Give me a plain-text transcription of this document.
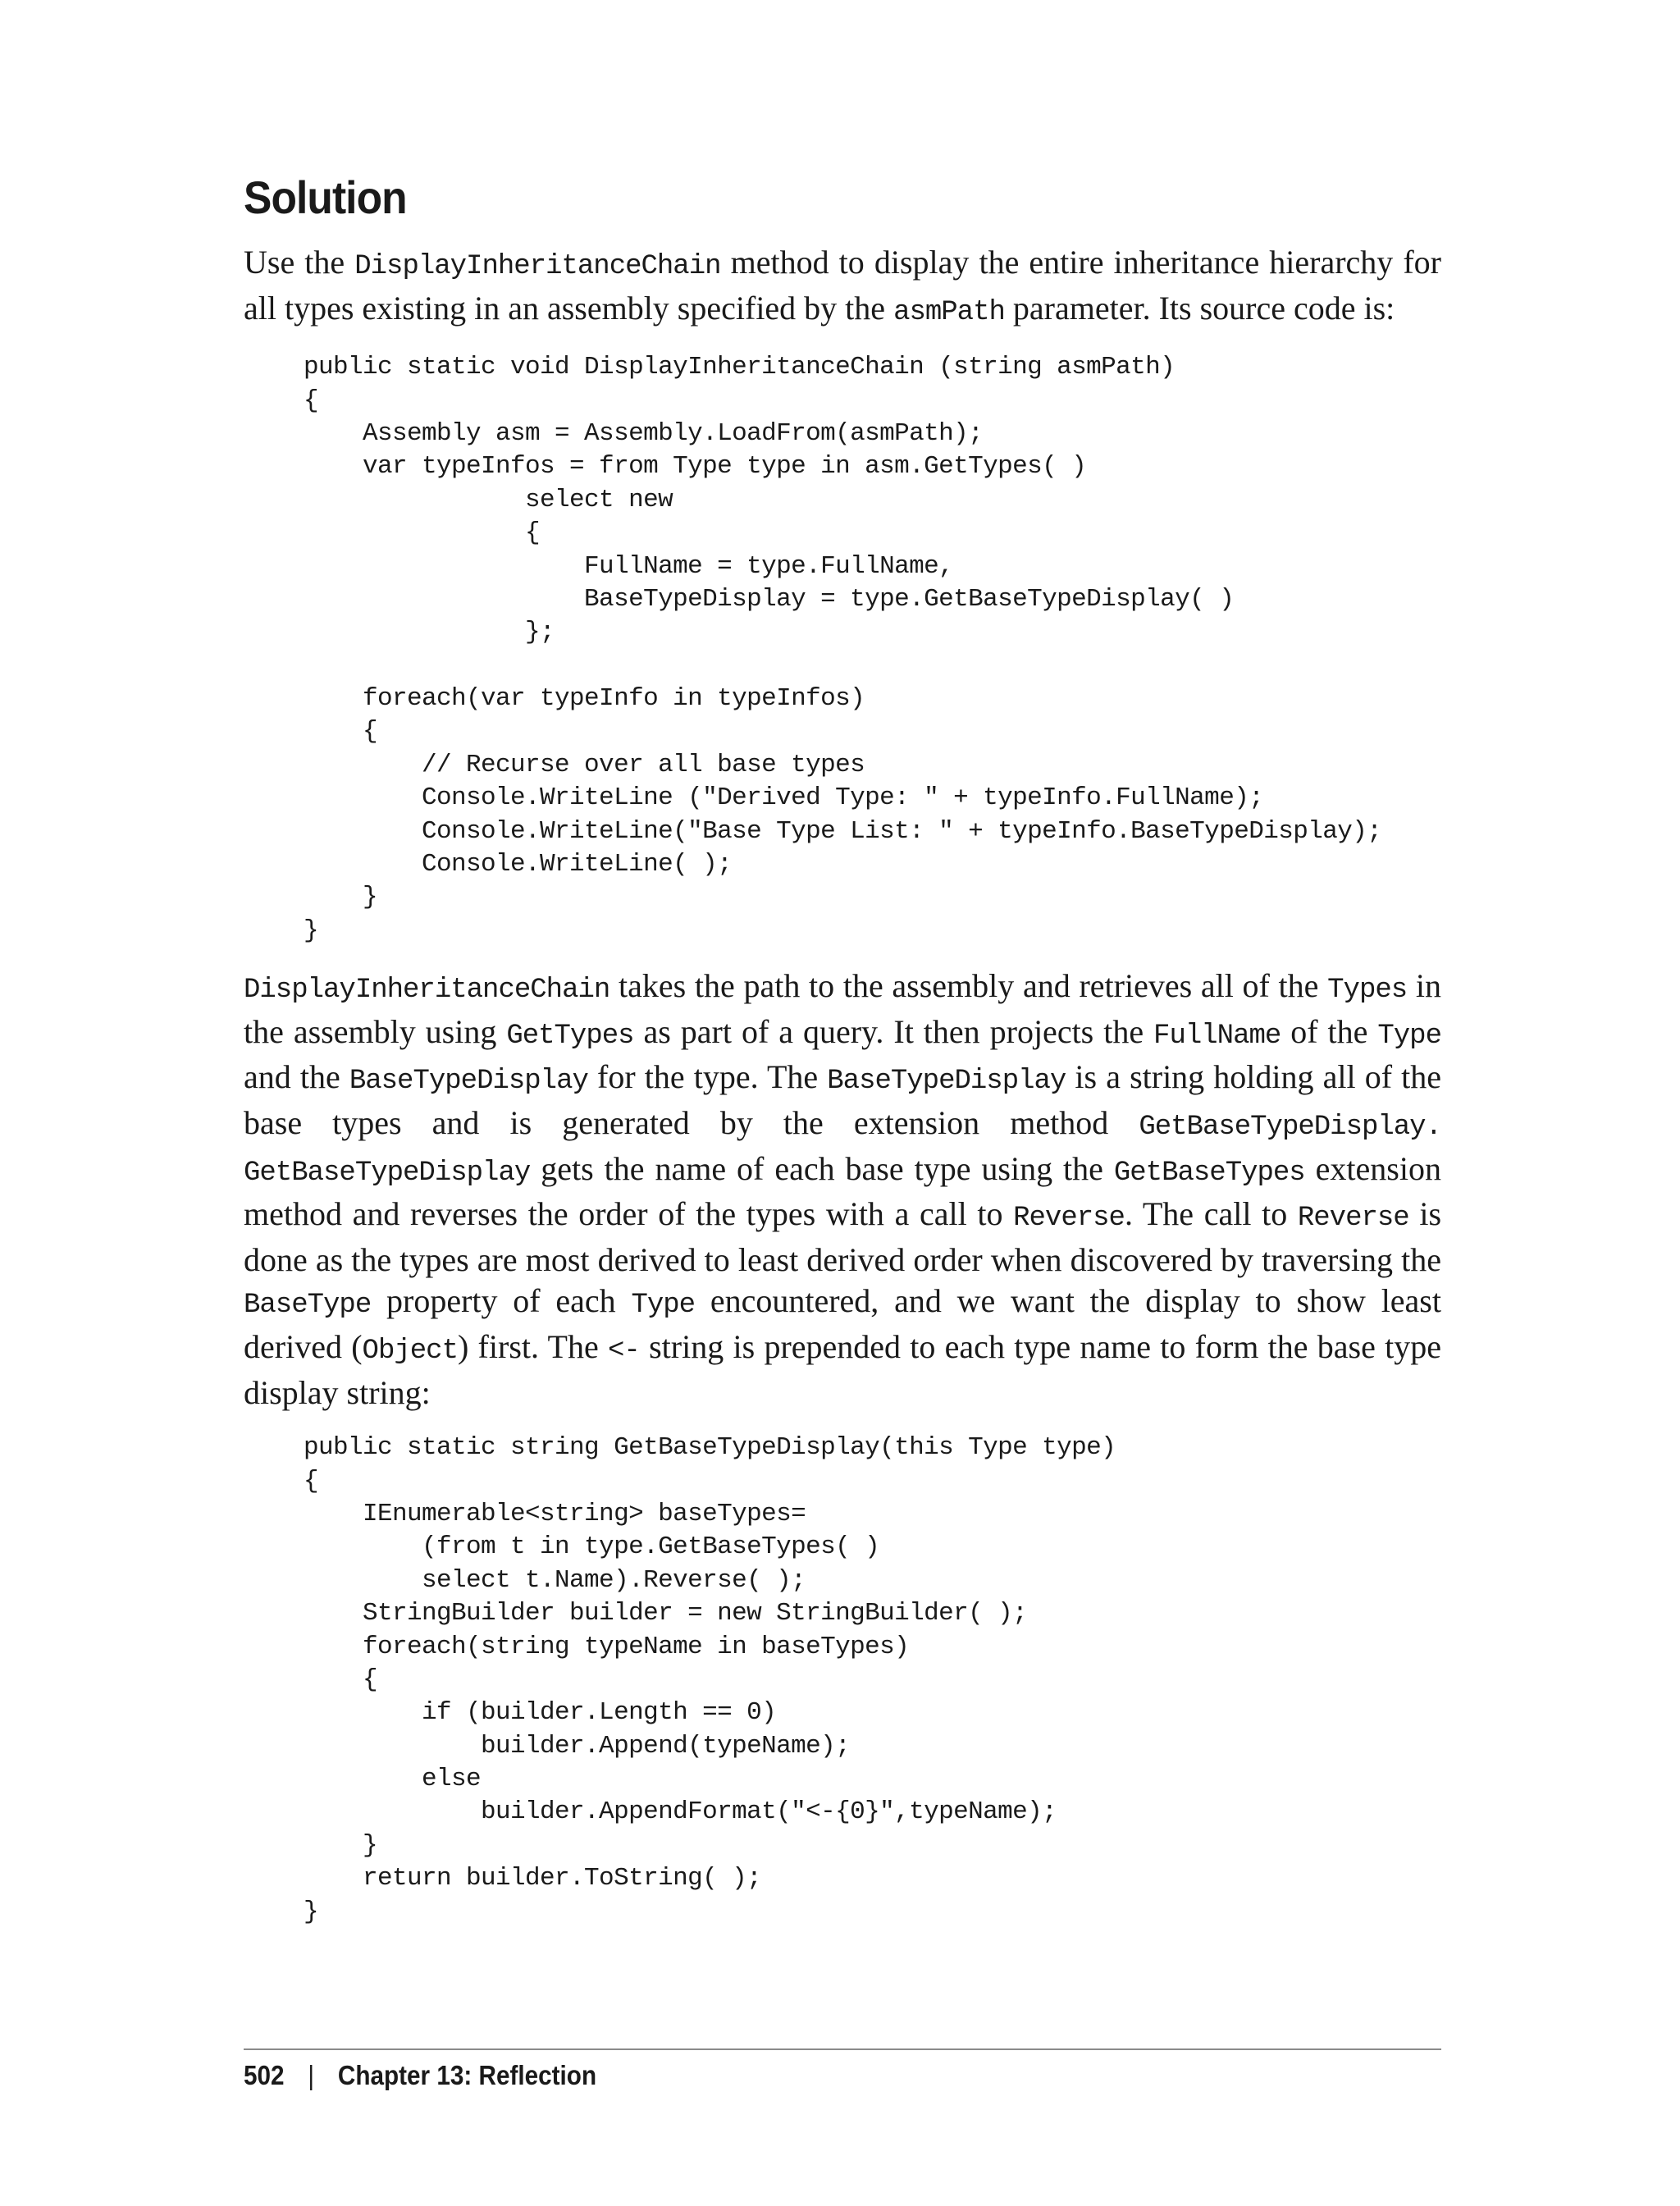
Solution

Use the DisplayInheritanceChain method to display the entire inheritance hierarchy for all types existing in an assembly specified by the asmPath parameter. Its source code is:

public static void DisplayInheritanceChain (string asmPath)
{
Assembly asm = Assembly.LoadFrom(asmPath);
var typeInfos = from Type type in asm.GetTypes( )
select new
{
FullName = type.FullName,
BaseTypeDisplay = type.GetBaseTypeDisplay( )
};
foreach(var typeInfo in typeInfos)
{
// Recurse over all base types
Console.WriteLine ("Derived Type: " + typeInfo.FullName);
Console.WriteLine("Base Type List: " + typeInfo.BaseTypeDisplay);
Console.WriteLine( );
}
}

DisplayInheritanceChain takes the path to the assembly and retrieves all of the Types in the assembly using GetTypes as part of a query. It then projects the FullName of the Type and the BaseTypeDisplay for the type. The BaseTypeDisplay is a string holding all of the base types and is generated by the extension method GetBaseTypeDisplay. GetBaseTypeDisplay gets the name of each base type using the GetBaseTypes extension method and reverses the order of the types with a call to Reverse. The call to Reverse is done as the types are most derived to least derived order when discovered by traversing the BaseType property of each Type encountered, and we want the display to show least derived (Object) first. The <- string is prepended to each type name to form the base type display string:

public static string GetBaseTypeDisplay(this Type type)
{
IEnumerable<string> baseTypes=
(from t in type.GetBaseTypes( )
select t.Name).Reverse( );
StringBuilder builder = new StringBuilder( );
foreach(string typeName in baseTypes)
{
if (builder.Length == 0)
builder.Append(typeName);
else
builder.AppendFormat("<-{0}",typeName);
}
return builder.ToString( );
}
502 | Chapter 13: Reflection
